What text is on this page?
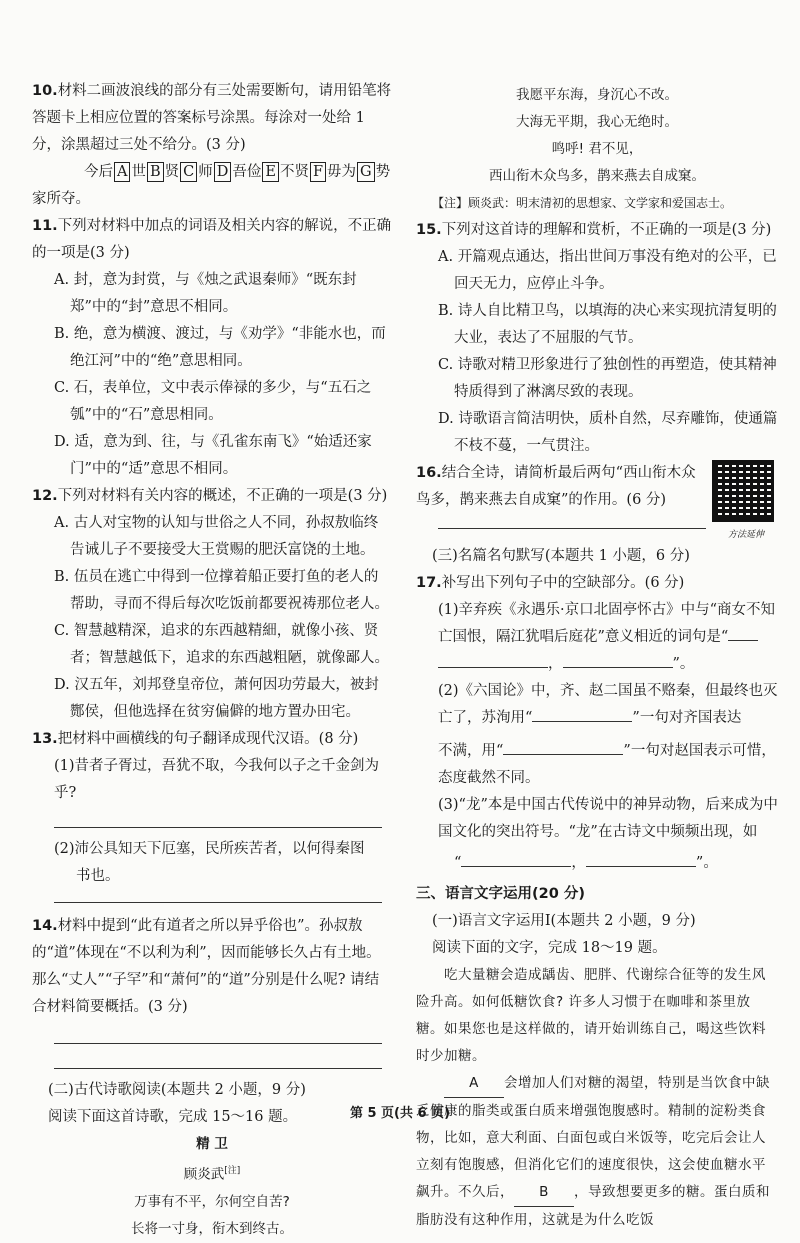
10.材料二画波浪线的部分有三处需要断句，请用铅笔将答题卡上相应位置的答案标号涂黑。每涂对一处给 1 分，涂黑超过三处不给分。(3 分)

今后 A 世 B 贤 C 师 D 吾俭 E 不贤 F 毋为 G 势

家所夺。

11.下列对材料中加点的词语及相关内容的解说，不正确的一项是(3 分)

A. 封，意为封赏，与《烛之武退秦师》“既东封郑”中的“封”意思不相同。

B. 绝，意为横渡、渡过，与《劝学》“非能水也，而绝江河”中的“绝”意思相同。

C. 石，表单位，文中表示俸禄的多少，与“五石之瓠”中的“石”意思相同。

D. 适，意为到、往，与《孔雀东南飞》“始适还家门”中的“适”意思不相同。

12.下列对材料有关内容的概述，不正确的一项是(3 分)

A. 古人对宝物的认知与世俗之人不同，孙叔敖临终告诫儿子不要接受大王赏赐的肥沃富饶的土地。

B. 伍员在逃亡中得到一位撑着船正要打鱼的老人的帮助，寻而不得后每次吃饭前都要祝祷那位老人。

C. 智慧越精深，追求的东西越精細，就像小孩、贤者；智慧越低下，追求的东西越粗陋，就像鄙人。

D. 汉五年，刘邦登皇帝位，萧何因功劳最大，被封酂侯，但他选择在贫穷偏僻的地方置办田宅。

13.把材料中画横线的句子翻译成现代汉语。(8 分)

(1)昔者子胥过，吾犹不取，今我何以子之千金剑为乎?

(2)沛公具知天下厄塞，民所疾苦者，以何得秦图

书也。

14.材料中提到“此有道者之所以异乎俗也”。孙叔敖的“道”体现在“不以利为利”，因而能够长久占有土地。那么“丈人”“子罕”和“萧何”的“道”分别是什么呢? 请结合材料简要概括。(3 分)

(二)古代诗歌阅读(本题共 2 小题，9 分)

阅读下面这首诗歌，完成 15～16 题。

精 卫

顾炎武[注]

万事有不平，尔何空自苦?

长将一寸身，衔木到终古。

我愿平东海，身沉心不改。

大海无平期，我心无绝时。

鸣呼! 君不见，

西山衔木众鸟多，鹊来燕去自成窠。

【注】顾炎武：明末清初的思想家、文学家和爱国志士。

15.下列对这首诗的理解和赏析，不正确的一项是(3 分)

A. 开篇观点通达，指出世间万事没有绝对的公平，已回天无力，应停止斗争。

B. 诗人自比精卫鸟，以填海的决心来实现抗清复明的大业，表达了不屈服的气节。

C. 诗歌对精卫形象进行了独创性的再塑造，使其精神特质得到了淋漓尽致的表现。

D. 诗歌语言简洁明快，质朴自然，尽弃雕饰，使通篇不枝不蔓，一气贯注。

16.结合全诗，请简析最后两句“西山衔木众鸟多，鹊来燕去自成窠”的作用。(6 分)

方法延伸

(三)名篇名句默写(本题共 1 小题，6 分)

17.补写出下列句子中的空缺部分。(6 分)

(1)辛弃疾《永遇乐·京口北固亭怀古》中与“商女不知亡国恨，隔江犹唱后庭花”意义相近的词句是“

，	”。

(2)《六国论》中，齐、赵二国虽不赂秦，但最终也灭亡了，苏洵用“	”一句对齐国表达

不满，用“	”一句对赵国表示可惜，态度截然不同。

(3)“龙”本是中国古代传说中的神异动物，后来成为中国文化的突出符号。“龙”在古诗文中频频出现，如

“	，	”。

三、语言文字运用(20 分)

(一)语言文字运用Ⅰ(本题共 2 小题，9 分)

阅读下面的文字，完成 18～19 题。

吃大量糖会造成龋齿、肥胖、代谢综合征等的发生风险升高。如何低糖饮食? 许多人习惯于在咖啡和茶里放糖。如果您也是这样做的，请开始训练自己，喝这些饮料时少加糖。

A 会增加人们对糖的渴望，特别是当饮食中缺乏健康的脂类或蛋白质来增强饱腹感时。精制的淀粉类食物，比如，意大利面、白面包或白米饭等，吃完后会让人立刻有饱腹感，但消化它们的速度很快，这会使血糖水平飙升。不久后， B ，导致想要更多的糖。蛋白质和脂肪没有这种作用，这就是为什么吃饭

第 5 页(共 6 页)
